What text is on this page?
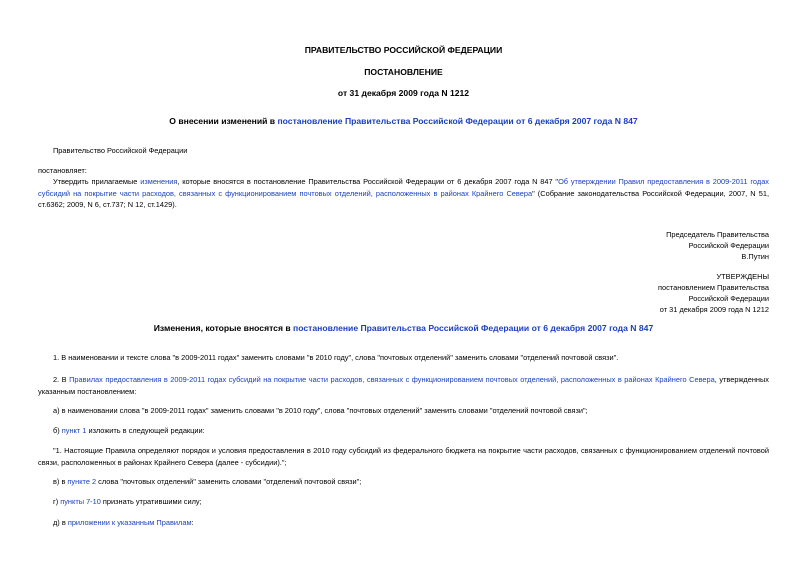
ПРАВИТЕЛЬСТВО РОССИЙСКОЙ ФЕДЕРАЦИИ
ПОСТАНОВЛЕНИЕ
от 31 декабря 2009 года N 1212
О внесении изменений в постановление Правительства Российской Федерации от 6 декабря 2007 года N 847
Правительство Российской Федерации
постановляет:
Утвердить прилагаемые изменения, которые вносятся в постановление Правительства Российской Федерации от 6 декабря 2007 года N 847 "Об утверждении Правил предоставления в 2009-2011 годах субсидий на покрытие части расходов, связанных с функционированием почтовых отделений, расположенных в районах Крайнего Севера" (Собрание законодательства Российской Федерации, 2007, N 51, ст.6362; 2009, N 6, ст.737; N 12, ст.1429).
Председатель Правительства
Российской Федерации
В.Путин
УТВЕРЖДЕНЫ
постановлением Правительства
Российской Федерации
от 31 декабря 2009 года N 1212
Изменения, которые вносятся в постановление Правительства Российской Федерации от 6 декабря 2007 года N 847
1. В наименовании и тексте слова "в 2009-2011 годах" заменить словами "в 2010 году", слова "почтовых отделений" заменить словами "отделений почтовой связи".
2. В Правилах предоставления в 2009-2011 годах субсидий на покрытие части расходов, связанных с функционированием почтовых отделений, расположенных в районах Крайнего Севера, утвержденных указанным постановлением:
а) в наименовании слова "в 2009-2011 годах" заменить словами "в 2010 году", слова "почтовых отделений" заменить словами "отделений почтовой связи";
б) пункт 1 изложить в следующей редакции:
"1. Настоящие Правила определяют порядок и условия предоставления в 2010 году субсидий из федерального бюджета на покрытие части расходов, связанных с функционированием отделений почтовой связи, расположенных в районах Крайнего Севера (далее - субсидии).";
в) в пункте 2 слова "почтовых отделений" заменить словами "отделений почтовой связи";
г) пункты 7-10 признать утратившими силу;
д) в приложении к указанным Правилам:
